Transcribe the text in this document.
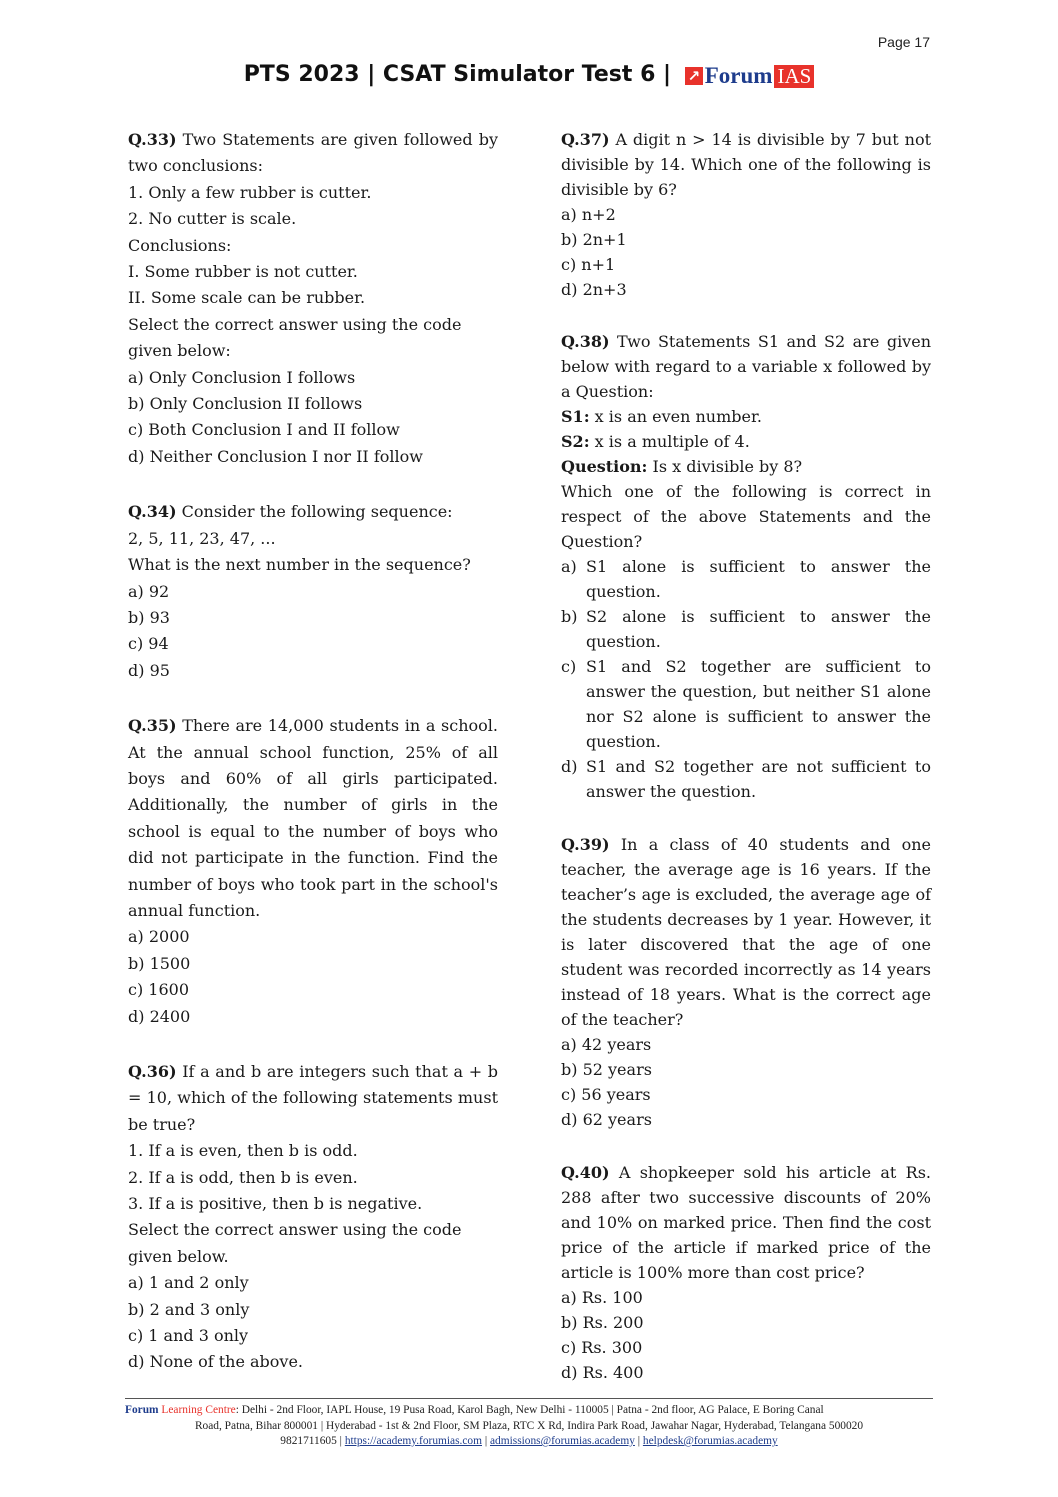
Page 17
PTS 2023 | CSAT Simulator Test 6 | ↗ Forum IAS

Q.33) Two Statements are given followed by two conclusions:

1. Only a few rubber is cutter.

2. No cutter is scale.

Conclusions:

I. Some rubber is not cutter.

II. Some scale can be rubber.

Select the correct answer using the code given below:

a) Only Conclusion I follows

b) Only Conclusion II follows

c) Both Conclusion I and II follow

d) Neither Conclusion I nor II follow

Q.34) Consider the following sequence:

2, 5, 11, 23, 47, ...

What is the next number in the sequence?

a) 92

b) 93

c) 94

d) 95

Q.35) There are 14,000 students in a school. At the annual school function, 25% of all boys and 60% of all girls participated. Additionally, the number of girls in the school is equal to the number of boys who did not participate in the function. Find the number of boys who took part in the school's annual function.

a) 2000

b) 1500

c) 1600

d) 2400

Q.36) If a and b are integers such that a + b = 10, which of the following statements must be true?

1. If a is even, then b is odd.

2. If a is odd, then b is even.

3. If a is positive, then b is negative.

Select the correct answer using the code given below.

a) 1 and 2 only

b) 2 and 3 only

c) 1 and 3 only

d) None of the above.

Q.37) A digit n > 14 is divisible by 7 but not divisible by 14. Which one of the following is divisible by 6?

a) n+2

b) 2n+1

c) n+1

d) 2n+3

Q.38) Two Statements S1 and S2 are given below with regard to a variable x followed by a Question:

S1: x is an even number.

S2: x is a multiple of 4.

Question: Is x divisible by 8?

Which one of the following is correct in respect of the above Statements and the Question?

a) S1 alone is sufficient to answer the question.
b) S2 alone is sufficient to answer the question.
c) S1 and S2 together are sufficient to answer the question, but neither S1 alone nor S2 alone is sufficient to answer the question.
d) S1 and S2 together are not sufficient to answer the question.

Q.39) In a class of 40 students and one teacher, the average age is 16 years. If the teacher’s age is excluded, the average age of the students decreases by 1 year. However, it is later discovered that the age of one student was recorded incorrectly as 14 years instead of 18 years. What is the correct age of the teacher?

a) 42 years

b) 52 years

c) 56 years

d) 62 years

Q.40) A shopkeeper sold his article at Rs. 288 after two successive discounts of 20% and 10% on marked price. Then find the cost price of the article if marked price of the article is 100% more than cost price?

a) Rs. 100

b) Rs. 200

c) Rs. 300

d) Rs. 400

Forum Learning Centre: Delhi - 2nd Floor, IAPL House, 19 Pusa Road, Karol Bagh, New Delhi - 110005 | Patna - 2nd floor, AG Palace, E Boring Canal
Road, Patna, Bihar 800001 | Hyderabad - 1st & 2nd Floor, SM Plaza, RTC X Rd, Indira Park Road, Jawahar Nagar, Hyderabad, Telangana 500020
9821711605 | https://academy.forumias.com | admissions@forumias.academy | helpdesk@forumias.academy
